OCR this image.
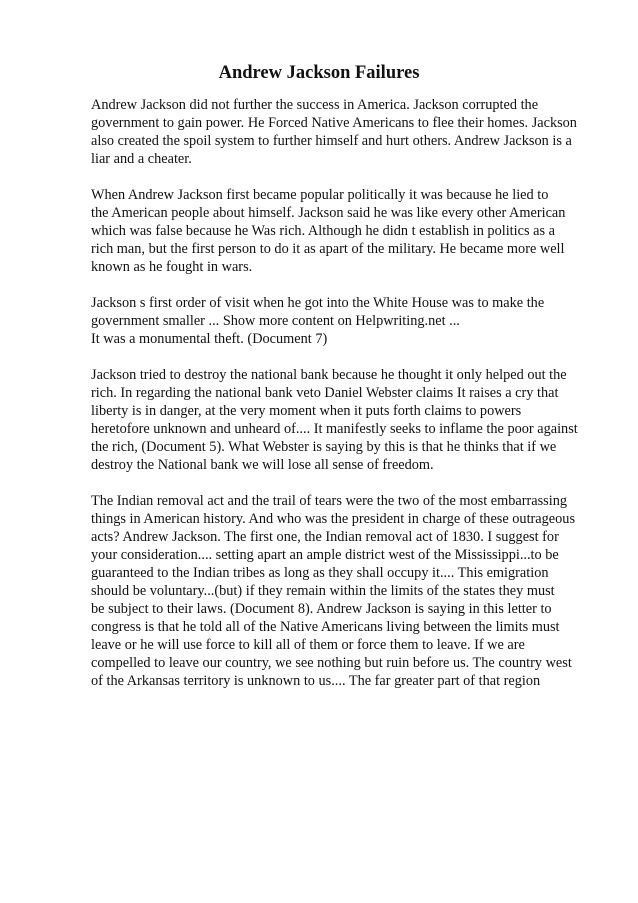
Andrew Jackson Failures

Andrew Jackson did not further the success in America. Jackson corrupted the
government to gain power. He Forced Native Americans to flee their homes. Jackson
also created the spoil system to further himself and hurt others. Andrew Jackson is a
liar and a cheater.

When Andrew Jackson first became popular politically it was because he lied to
the American people about himself. Jackson said he was like every other American
which was false because he Was rich. Although he didn t establish in politics as a
rich man, but the first person to do it as apart of the military. He became more well
known as he fought in wars.

Jackson s first order of visit when he got into the White House was to make the
government smaller ... Show more content on Helpwriting.net ...
It was a monumental theft. (Document 7)

Jackson tried to destroy the national bank because he thought it only helped out the
rich. In regarding the national bank veto Daniel Webster claims It raises a cry that
liberty is in danger, at the very moment when it puts forth claims to powers
heretofore unknown and unheard of.... It manifestly seeks to inflame the poor against
the rich, (Document 5). What Webster is saying by this is that he thinks that if we
destroy the National bank we will lose all sense of freedom.

The Indian removal act and the trail of tears were the two of the most embarrassing
things in American history. And who was the president in charge of these outrageous
acts? Andrew Jackson. The first one, the Indian removal act of 1830. I suggest for
your consideration.... setting apart an ample district west of the Mississippi...to be
guaranteed to the Indian tribes as long as they shall occupy it.... This emigration
should be voluntary...(but) if they remain within the limits of the states they must
be subject to their laws. (Document 8). Andrew Jackson is saying in this letter to
congress is that he told all of the Native Americans living between the limits must
leave or he will use force to kill all of them or force them to leave. If we are
compelled to leave our country, we see nothing but ruin before us. The country west
of the Arkansas territory is unknown to us.... The far greater part of that region
